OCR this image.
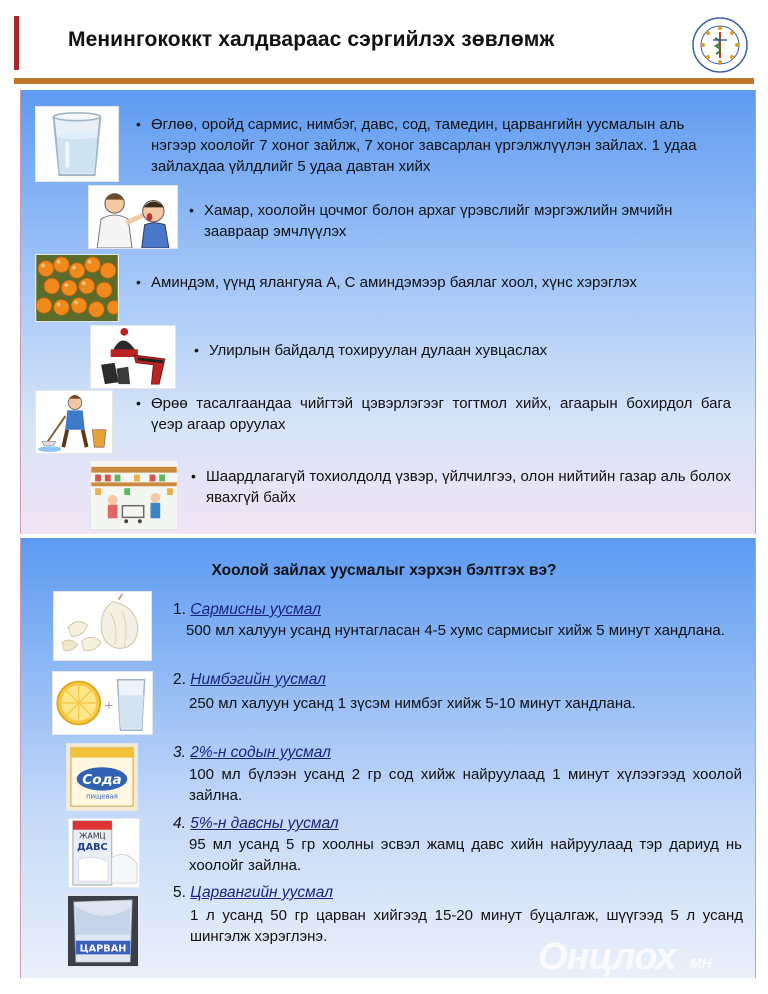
Менингококкт халдвараас сэргийлэх зөвлөмж
• Өглөө, оройд сармис, нимбэг, давс, сод, тамедин, царвангийн уусмалын аль нэгээр хоолойг 7 хоног зайлж, 7 хоног завсарлан үргэлжлүүлэн зайлах. 1 удаа зайлахдаа үйлдлийг 5 удаа давтан хийх
• Хамар, хоолойн цочмог болон архаг үрэвслийг мэргэжлийн эмчийн заавраар эмчлүүлэх
• Аминдэм, үүнд ялангуяа А, С аминдэмээр баялаг хоол, хүнс хэрэглэх
• Улирлын байдалд тохируулан дулаан хувцаслах
• Өрөө тасалгаандаа чийгтэй цэвэрлэгээг тогтмол хийх, агаарын бохирдол бага үеэр агаар оруулах
• Шаардлагагүй тохиолдолд үзвэр, үйлчилгээ, олон нийтийн газар аль болох явахгүй байх
Хоолой зайлах уусмалыг хэрхэн бэлтгэх вэ?
1. Сармисны уусмал
500 мл халуун усанд нунтагласан 4-5 хумс сармисыг хийж 5 минут хандлана.
+
2. Нимбэгийн уусмал
250 мл халуун усанд 1 зүсэм нимбэг хийж 5-10 минут хандлана.
Сода
пищевая
3. 2%-н содын уусмал
100 мл бүлээн усанд 2 гр сод хийж найруулаад 1 минут хүлээгээд хоолой зайлна.
ЖАМЦ
ДАВС
4. 5%-н давсны уусмал
95 мл усанд 5 гр хоолны эсвэл жамц давс хийн найруулаад тэр дариуд нь хоолойг зайлна.
ЦАРВАН
5. Царвангийн уусмал
1 л усанд 50 гр царван хийгээд 15-20 минут буцалгаж, шүүгээд 5 л усанд шингэлж хэрэглэнэ.	Онцлох МН
